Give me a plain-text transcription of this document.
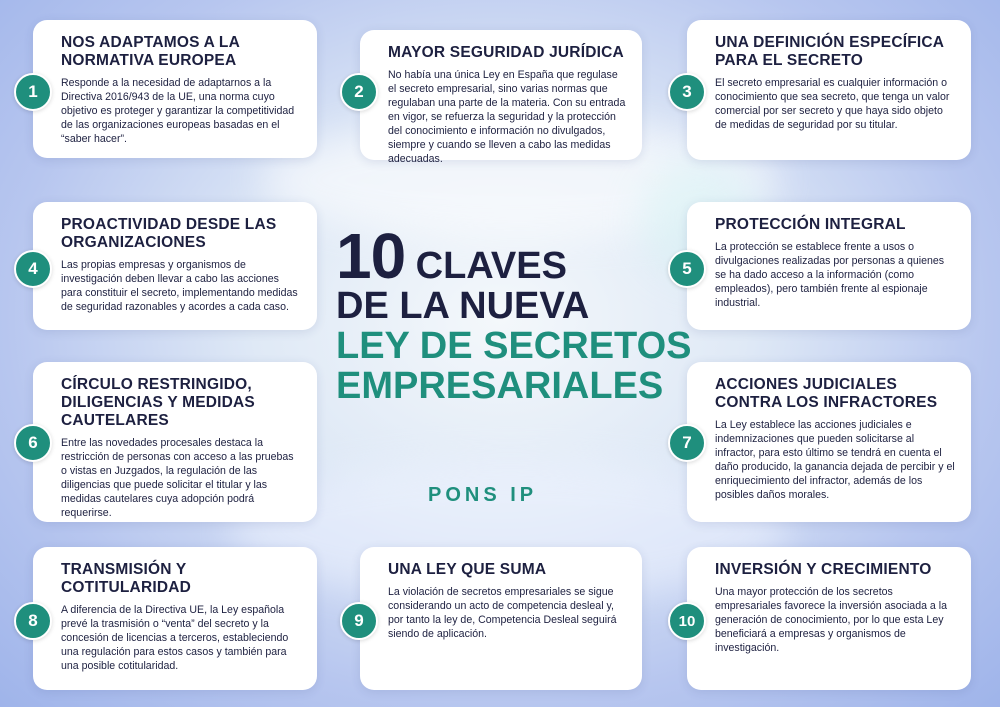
NOS ADAPTAMOS A LA NORMATIVA EUROPEA

Responde a la necesidad de adaptarnos a la Directiva 2016/943 de la UE, una norma cuyo objetivo es proteger y garantizar la competitividad de las organizaciones europeas basadas en el “saber hacer”.

1
MAYOR SEGURIDAD JURÍDICA

No había una única Ley en España que regulase el secreto empresarial, sino varias normas que regulaban una parte de la materia. Con su entrada en vigor, se refuerza la seguridad y la protección del conocimiento e información no divulgados, siempre y cuando se lleven a cabo las medidas adecuadas.

2
UNA DEFINICIÓN ESPECÍFICA PARA EL SECRETO

El secreto empresarial es cualquier información o conocimiento que sea secreto, que tenga un valor comercial por ser secreto y que haya sido objeto de medidas de seguridad por su titular.

3
PROACTIVIDAD DESDE LAS ORGANIZACIONES

Las propias empresas y organismos de investigación deben llevar a cabo las acciones para constituir el secreto, implementando medidas de seguridad razonables y acordes a cada caso.

4
PROTECCIÓN INTEGRAL

La protección se establece frente a usos o divulgaciones realizadas por personas a quienes se ha dado acceso a la información (como empleados), pero también frente al espionaje industrial.

5
CÍRCULO RESTRINGIDO, DILIGENCIAS Y MEDIDAS CAUTELARES

Entre las novedades procesales destaca la restricción de personas con acceso a las pruebas o vistas en Juzgados, la regulación de las diligencias que puede solicitar el titular y las medidas cautelares cuya adopción podrá requerirse.

6
ACCIONES JUDICIALES CONTRA LOS INFRACTORES

La Ley establece las acciones judiciales e indemnizaciones que pueden solicitarse al infractor, para esto último se tendrá en cuenta el daño producido, la ganancia dejada de percibir y el enriquecimiento del infractor, además de los posibles daños morales.

7
TRANSMISIÓN Y COTITULARIDAD

A diferencia de la Directiva UE, la Ley española prevé la trasmisión o “venta” del secreto y la concesión de licencias a terceros, estableciendo una regulación para estos casos y también para una posible cotitularidad.

8
UNA LEY QUE SUMA

La violación de secretos empresariales se sigue considerando un acto de competencia desleal y, por tanto la ley de, Competencia Desleal seguirá siendo de aplicación.

9
INVERSIÓN Y CRECIMIENTO

Una mayor protección de los secretos empresariales favorece la inversión asociada a la generación de conocimiento, por lo que esta Ley beneficiará a empresas y organismos de investigación.

10
10 CLAVES
DE LA NUEVA
LEY DE SECRETOS
EMPRESARIALES
PONS IP
